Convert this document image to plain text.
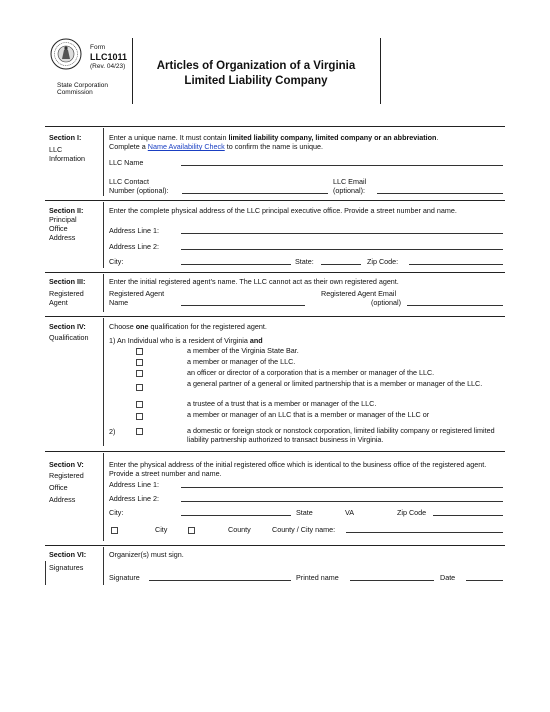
Form
LLC1011
(Rev. 04/23)
State Corporation
Commission
Articles of Organization of a Virginia
Limited Liability Company
Section I:
LLC
Information
Enter a unique name. It must contain limited liability company, limited company or an abbreviation.
Complete a Name Availability Check to confirm the name is unique.
LLC Name
LLC Contact
Number (optional):
LLC Email
(optional):
Section II:
Principal
Office
Address
Enter the complete physical address of the LLC principal executive office. Provide a street number and name.
Address Line 1:
Address Line 2:
City:	State:	Zip Code:
Section III:
Registered
Agent
Enter the initial registered agent’s name. The LLC cannot act as their own registered agent.
Registered Agent
Name
Registered Agent Email
(optional)
Section IV:
Qualification
Choose one qualification for the registered agent.
1) An Individual who is a resident of Virginia and
a member of the Virginia State Bar.
a member or manager of the LLC.
an officer or director of a corporation that is a member or manager of the LLC.
a general partner of a general or limited partnership that is a member or manager of the LLC.
a trustee of a trust that is a member or manager of the LLC.
a member or manager of an LLC that is a member or manager of the LLC or
2)	a domestic or foreign stock or nonstock corporation, limited liability company or registered limited liability partnership authorized to transact business in Virginia.
Section V:
Registered
Office
Address
Enter the physical address of the initial registered office which is identical to the business office of the registered agent. Provide a street number and name.
Address Line 1:
Address Line 2:
City:	State	VA	Zip Code
City	County	County / City name:
Section VI:
Signatures
Organizer(s) must sign.
Signature	Printed name	Date
